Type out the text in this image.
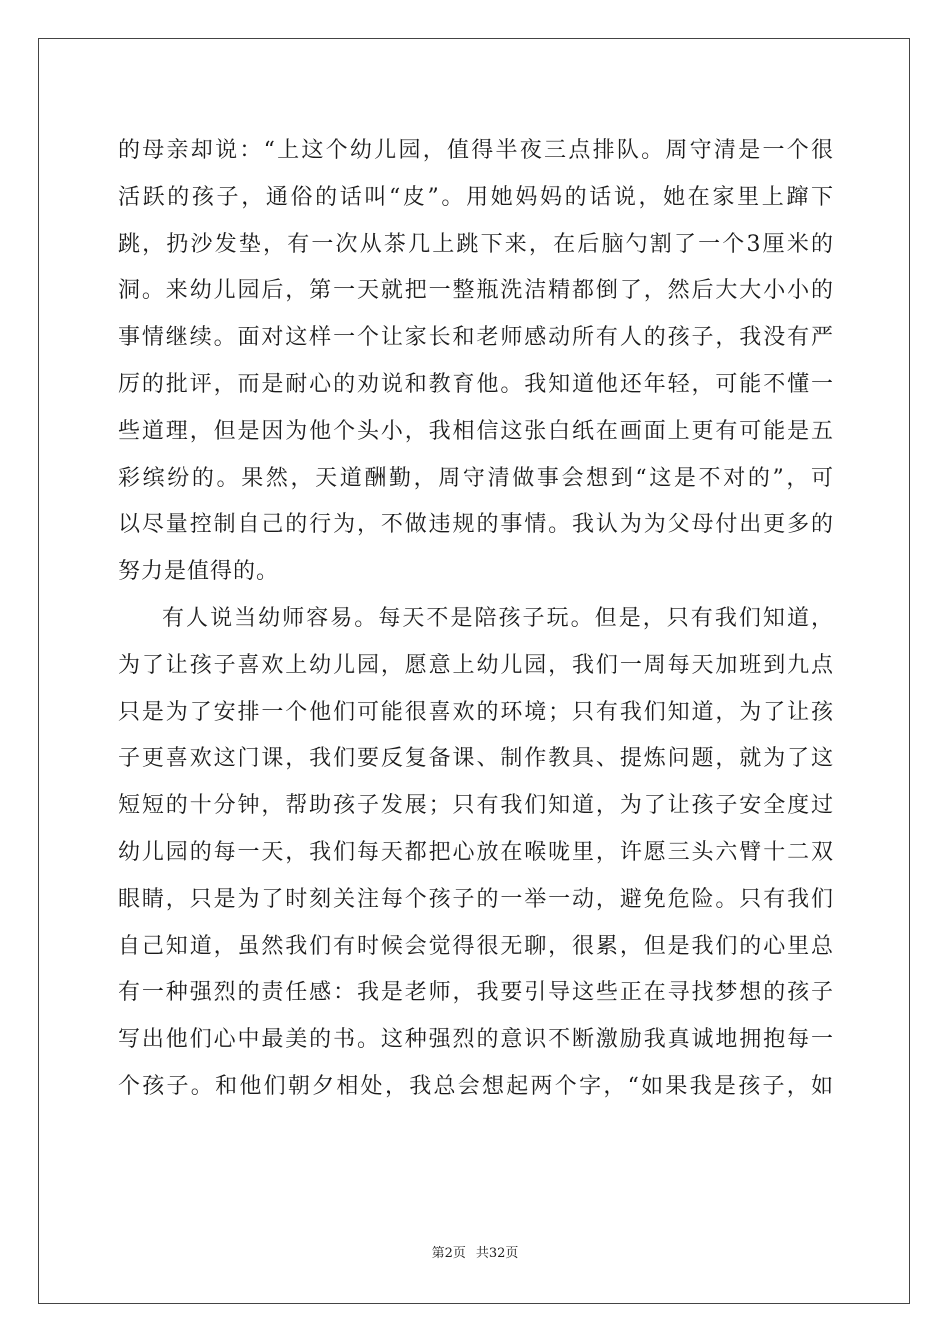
的母亲却说：“上这个幼儿园，值得半夜三点排队。周守清是一个很
活跃的孩子，通俗的话叫“皮”。用她妈妈的话说，她在家里上蹿下
跳，扔沙发垫，有一次从茶几上跳下来，在后脑勺割了一个3厘米的
洞。来幼儿园后，第一天就把一整瓶洗洁精都倒了，然后大大小小的
事情继续。面对这样一个让家长和老师感动所有人的孩子，我没有严
厉的批评，而是耐心的劝说和教育他。我知道他还年轻，可能不懂一
些道理，但是因为他个头小，我相信这张白纸在画面上更有可能是五
彩缤纷的。果然，天道酬勤，周守清做事会想到“这是不对的”，可
以尽量控制自己的行为，不做违规的事情。我认为为父母付出更多的
努力是值得的。
有人说当幼师容易。每天不是陪孩子玩。但是，只有我们知道，
为了让孩子喜欢上幼儿园，愿意上幼儿园，我们一周每天加班到九点
只是为了安排一个他们可能很喜欢的环境；只有我们知道，为了让孩
子更喜欢这门课，我们要反复备课、制作教具、提炼问题，就为了这
短短的十分钟，帮助孩子发展；只有我们知道，为了让孩子安全度过
幼儿园的每一天，我们每天都把心放在喉咙里，许愿三头六臂十二双
眼睛，只是为了时刻关注每个孩子的一举一动，避免危险。只有我们
自己知道，虽然我们有时候会觉得很无聊，很累，但是我们的心里总
有一种强烈的责任感：我是老师，我要引导这些正在寻找梦想的孩子
写出他们心中最美的书。这种强烈的意识不断激励我真诚地拥抱每一
个孩子。和他们朝夕相处，我总会想起两个字，“如果我是孩子，如
第2页 共32页
